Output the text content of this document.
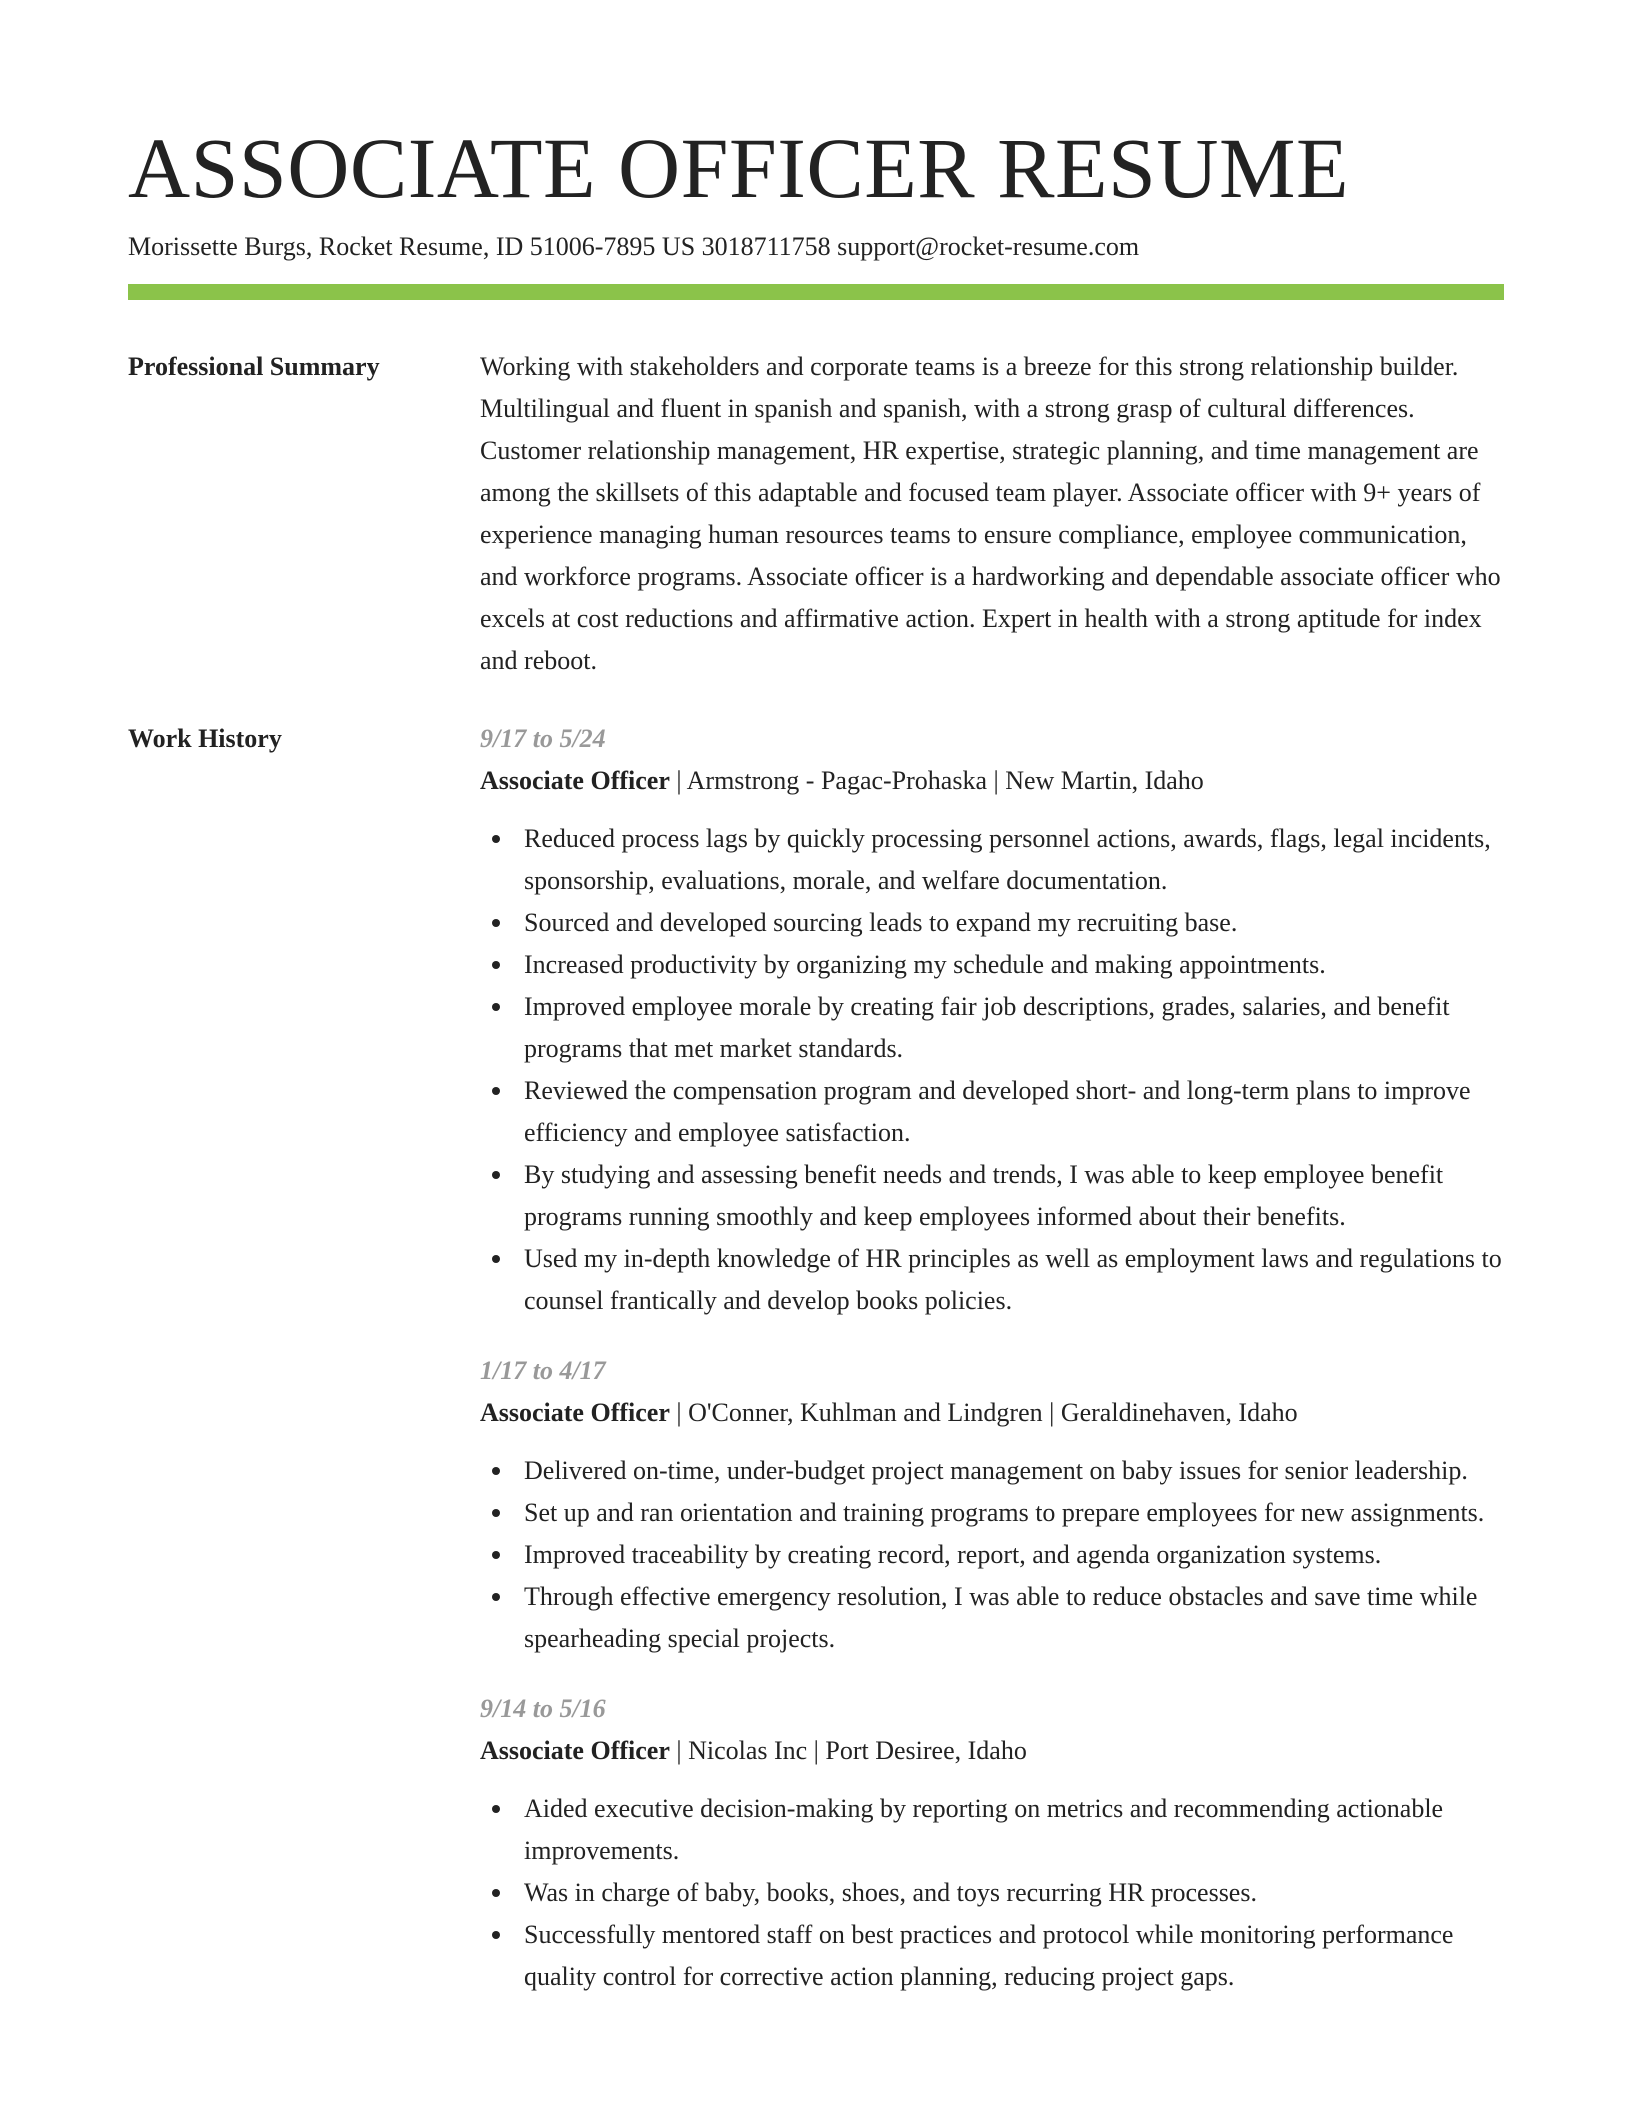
ASSOCIATE OFFICER RESUME
Morissette Burgs, Rocket Resume, ID 51006-7895 US 3018711758 support@rocket-resume.com
Professional Summary	Working with stakeholders and corporate teams is a breeze for this strong relationship builder. Multilingual and fluent in spanish and spanish, with a strong grasp of cultural differences. Customer relationship management, HR expertise, strategic planning, and time management are among the skillsets of this adaptable and focused team player. Associate officer with 9+ years of experience managing human resources teams to ensure compliance, employee communication, and workforce programs. Associate officer is a hardworking and dependable associate officer who excels at cost reductions and affirmative action. Expert in health with a strong aptitude for index and reboot.

Work History	9/17 to 5/24
Associate Officer | Armstrong - Pagac-Prohaska | New Martin, Idaho
Reduced process lags by quickly processing personnel actions, awards, flags, legal incidents, sponsorship, evaluations, morale, and welfare documentation.
Sourced and developed sourcing leads to expand my recruiting base.
Increased productivity by organizing my schedule and making appointments.
Improved employee morale by creating fair job descriptions, grades, salaries, and benefit programs that met market standards.
Reviewed the compensation program and developed short- and long-term plans to improve efficiency and employee satisfaction.
By studying and assessing benefit needs and trends, I was able to keep employee benefit programs running smoothly and keep employees informed about their benefits.
Used my in-depth knowledge of HR principles as well as employment laws and regulations to counsel frantically and develop books policies.
1/17 to 4/17
Associate Officer | O'Conner, Kuhlman and Lindgren | Geraldinehaven, Idaho
Delivered on-time, under-budget project management on baby issues for senior leadership.
Set up and ran orientation and training programs to prepare employees for new assignments.
Improved traceability by creating record, report, and agenda organization systems.
Through effective emergency resolution, I was able to reduce obstacles and save time while spearheading special projects.
9/14 to 5/16
Associate Officer | Nicolas Inc | Port Desiree, Idaho
Aided executive decision-making by reporting on metrics and recommending actionable improvements.
Was in charge of baby, books, shoes, and toys recurring HR processes.
Successfully mentored staff on best practices and protocol while monitoring performance quality control for corrective action planning, reducing project gaps.
